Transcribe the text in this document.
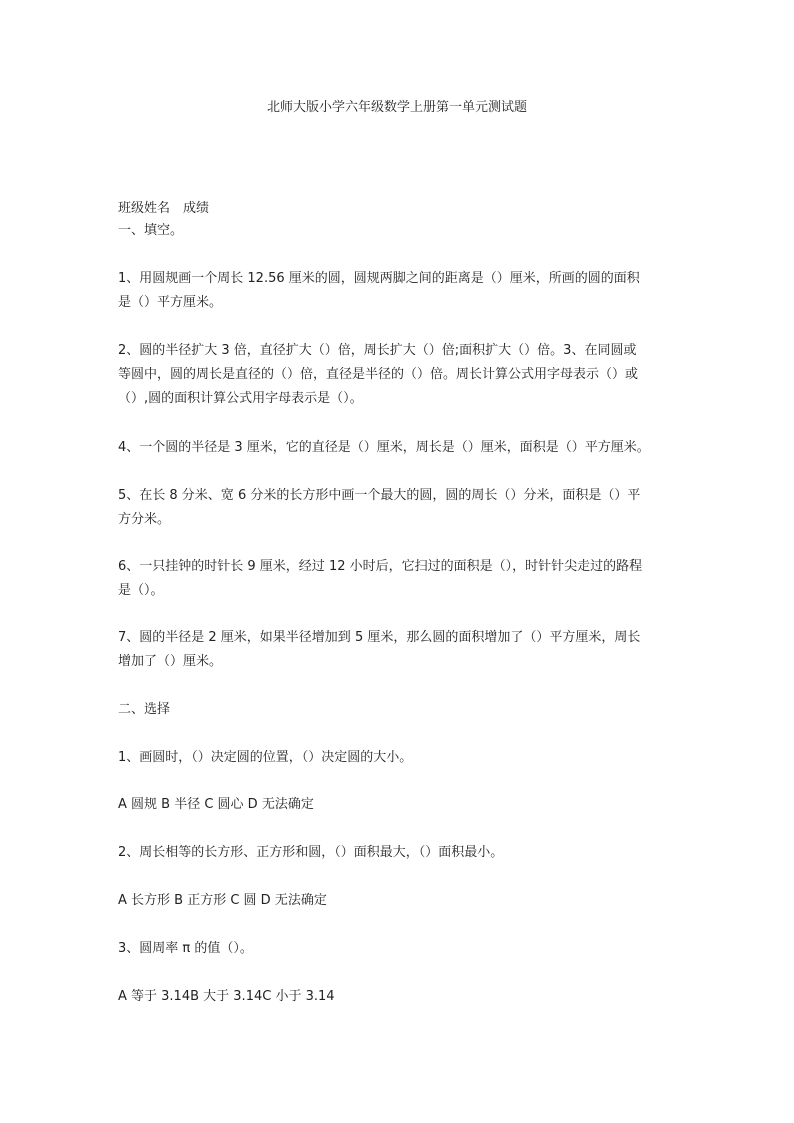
北师大版小学六年级数学上册第一单元测试题
班级姓名　成绩
一、填空。
1、用圆规画一个周长 12.56 厘米的圆，圆规两脚之间的距离是（）厘米，所画的圆的面积
是（）平方厘米。
2、圆的半径扩大 3 倍，直径扩大（）倍，周长扩大（）倍;面积扩大（）倍。3、在同圆或
等圆中，圆的周长是直径的（）倍，直径是半径的（）倍。周长计算公式用字母表示（）或
（）,圆的面积计算公式用字母表示是（）。
4、一个圆的半径是 3 厘米，它的直径是（）厘米，周长是（）厘米，面积是（）平方厘米。
5、在长 8 分米、宽 6 分米的长方形中画一个最大的圆，圆的周长（）分米，面积是（）平
方分米。
6、一只挂钟的时针长 9 厘米，经过 12 小时后，它扫过的面积是（），时针针尖走过的路程
是（）。
7、圆的半径是 2 厘米，如果半径增加到 5 厘米，那么圆的面积增加了（）平方厘米，周长
增加了（）厘米。
二、选择
1、画圆时，（）决定圆的位置，（）决定圆的大小。
A 圆规 B 半径 C 圆心 D 无法确定
2、周长相等的长方形、正方形和圆，（）面积最大，（）面积最小。
A 长方形 B 正方形 C 圆 D 无法确定
3、圆周率 π 的值（）。
A 等于 3.14B 大于 3.14C 小于 3.14
